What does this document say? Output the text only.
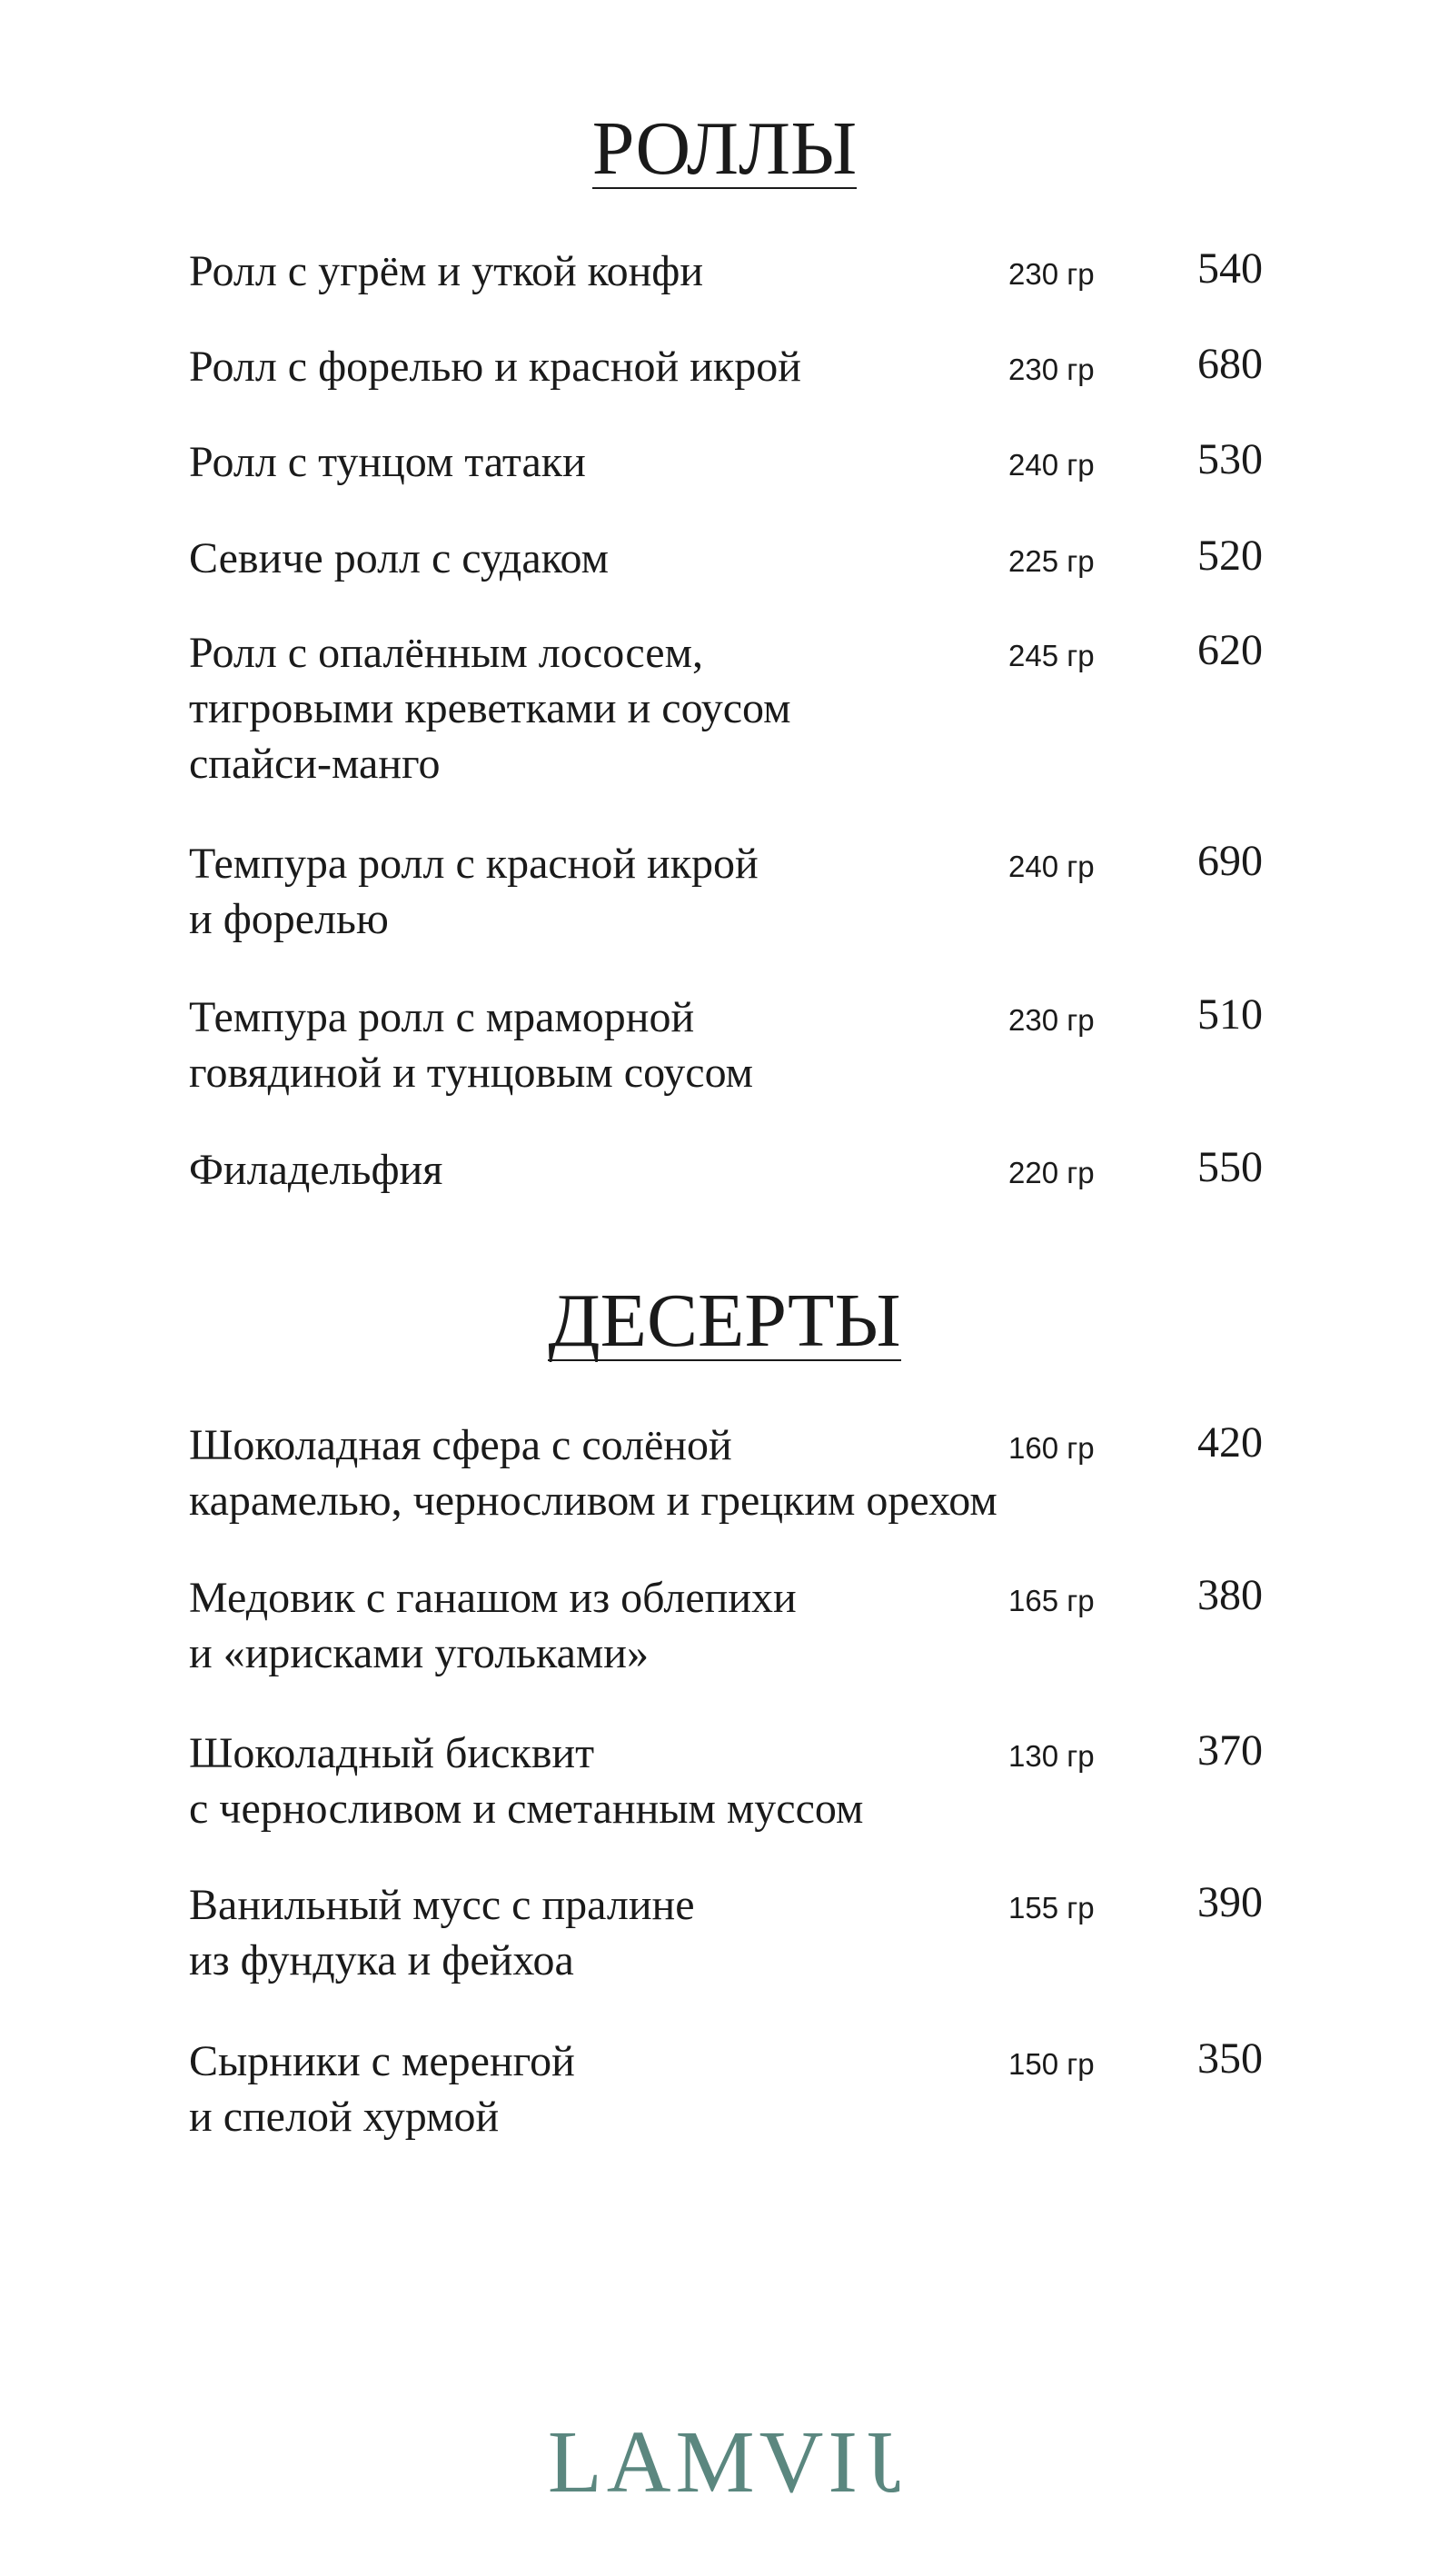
РОЛЛЫ
Ролл с угрём и уткой конфи	230 гр 540
Ролл с форелью и красной икрой	230 гр 680
Ролл с тунцом татаки	240 гр 530
Севиче ролл с судаком	225 гр 520
Ролл с опалённым лососем,
тигровыми креветками и соусом
спайси-манго
245 гр 620
Темпура ролл с красной икрой
и форелью
240 гр 690
Темпура ролл с мраморной
говядиной и тунцовым соусом
230 гр 510
Филадельфия	220 гр 550
ДЕСЕРТЫ
Шоколадная сфера с солёной
карамелью, черносливом и грецким орехом
160 гр 420
Медовик с ганашом из облепихи
и «ирисками угольками»
165 гр 380
Шоколадный бисквит
с черносливом и сметанным муссом
130 гр 370
Ванильный мусс с пралине
из фундука и фейхоа
155 гр 390
Сырники с меренгой
и спелой хурмой
150 гр 350
LAMVIJ
